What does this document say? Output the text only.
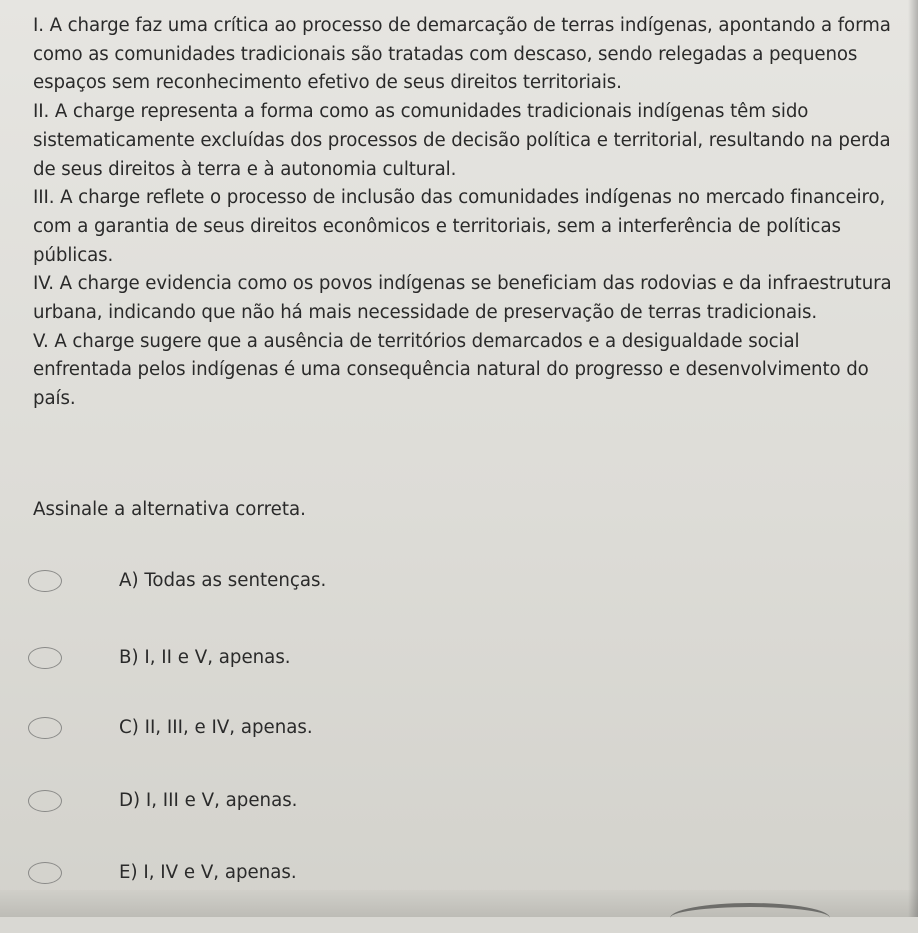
I. A charge faz uma crítica ao processo de demarcação de terras indígenas, apontando a forma como as comunidades tradicionais são tratadas com descaso, sendo relegadas a pequenos espaços sem reconhecimento efetivo de seus direitos territoriais.

II. A charge representa a forma como as comunidades tradicionais indígenas têm sido sistematicamente excluídas dos processos de decisão política e territorial, resultando na perda de seus direitos à terra e à autonomia cultural.

III. A charge reflete o processo de inclusão das comunidades indígenas no mercado financeiro, com a garantia de seus direitos econômicos e territoriais, sem a interferência de políticas públicas.

IV. A charge evidencia como os povos indígenas se beneficiam das rodovias e da infraestrutura urbana, indicando que não há mais necessidade de preservação de terras tradicionais.

V. A charge sugere que a ausência de territórios demarcados e a desigualdade social enfrentada pelos indígenas é uma consequência natural do progresso e desenvolvimento do país.

Assinale a alternativa correta.

A) Todas as sentenças.
B) I, II e V, apenas.
C) II, III, e IV, apenas.
D) I, III e V, apenas.
E) I, IV e V, apenas.
